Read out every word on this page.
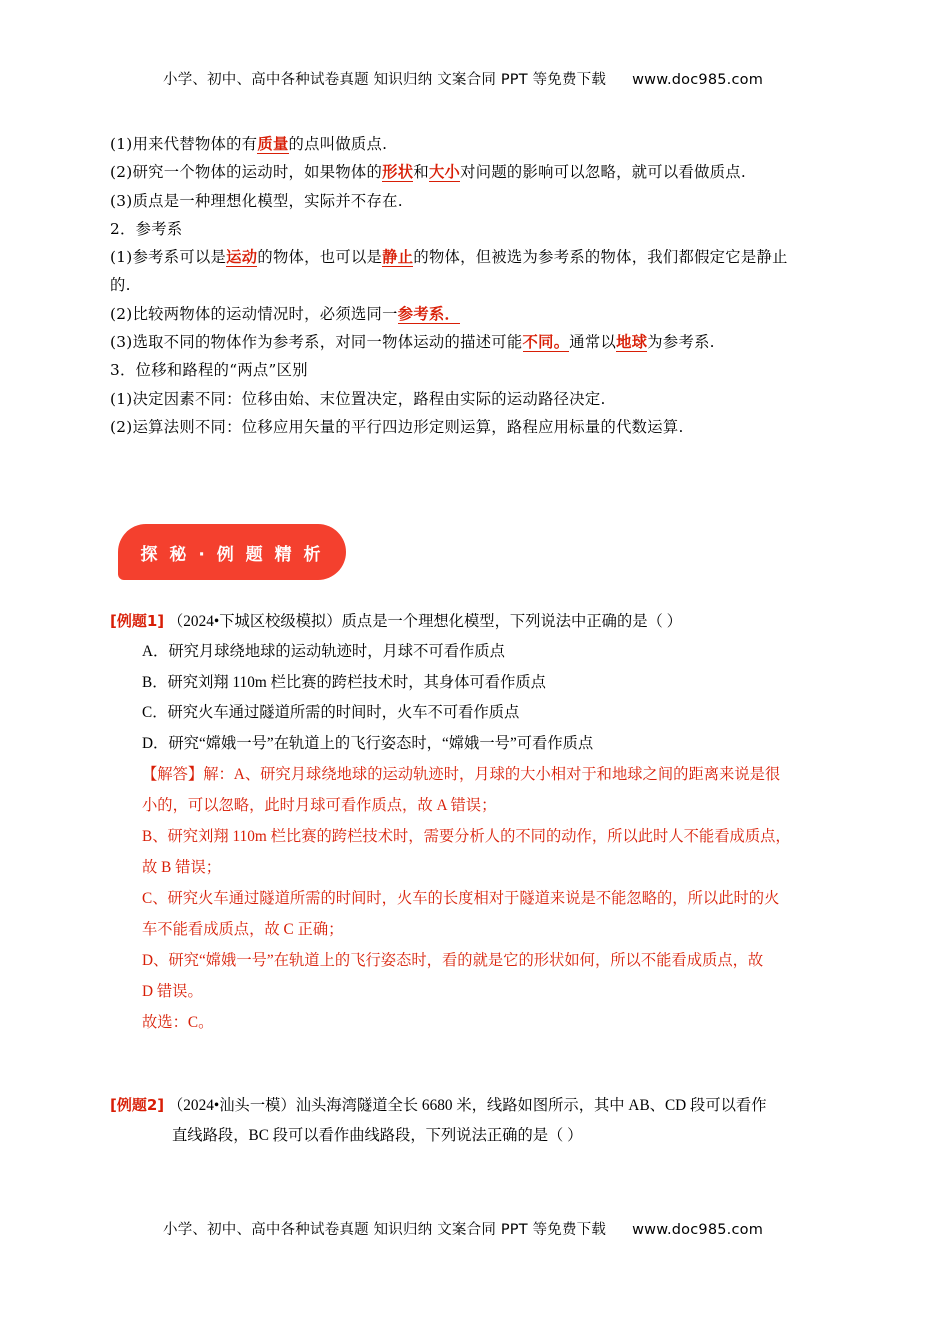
小学、初中、高中各种试卷真题 知识归纳 文案合同 PPT 等免费下载 www.doc985.com
(1)用来代替物体的有质量的点叫做质点.
(2)研究一个物体的运动时，如果物体的形状和大小对问题的影响可以忽略，就可以看做质点.
(3)质点是一种理想化模型，实际并不存在.
2．参考系
(1)参考系可以是运动的物体，也可以是静止的物体，但被选为参考系的物体，我们都假定它是静止
的.
(2)比较两物体的运动情况时，必须选同一参考系．
(3)选取不同的物体作为参考系，对同一物体运动的描述可能不同。通常以地球为参考系.
3．位移和路程的“两点”区别
(1)决定因素不同：位移由始、末位置决定，路程由实际的运动路径决定.
(2)运算法则不同：位移应用矢量的平行四边形定则运算，路程应用标量的代数运算.
探 秘 · 例 题 精 析
[例题1] （2024•下城区校级模拟）质点是一个理想化模型，下列说法中正确的是（ ）
A．研究月球绕地球的运动轨迹时，月球不可看作质点
B．研究刘翔 110m 栏比赛的跨栏技术时，其身体可看作质点
C．研究火车通过隧道所需的时间时，火车不可看作质点
D．研究“嫦娥一号”在轨道上的飞行姿态时，“嫦娥一号”可看作质点
【解答】解：A、研究月球绕地球的运动轨迹时，月球的大小相对于和地球之间的距离来说是很
小的，可以忽略，此时月球可看作质点，故 A 错误；
B、研究刘翔 110m 栏比赛的跨栏技术时，需要分析人的不同的动作，所以此时人不能看成质点，
故 B 错误；
C、研究火车通过隧道所需的时间时，火车的长度相对于隧道来说是不能忽略的，所以此时的火
车不能看成质点，故 C 正确；
D、研究“嫦娥一号”在轨道上的飞行姿态时，看的就是它的形状如何，所以不能看成质点，故
D 错误。
故选：C。
[例题2] （2024•汕头一模）汕头海湾隧道全长 6680 米，线路如图所示，其中 AB、CD 段可以看作
直线路段，BC 段可以看作曲线路段，下列说法正确的是（ ）
小学、初中、高中各种试卷真题 知识归纳 文案合同 PPT 等免费下载 www.doc985.com
